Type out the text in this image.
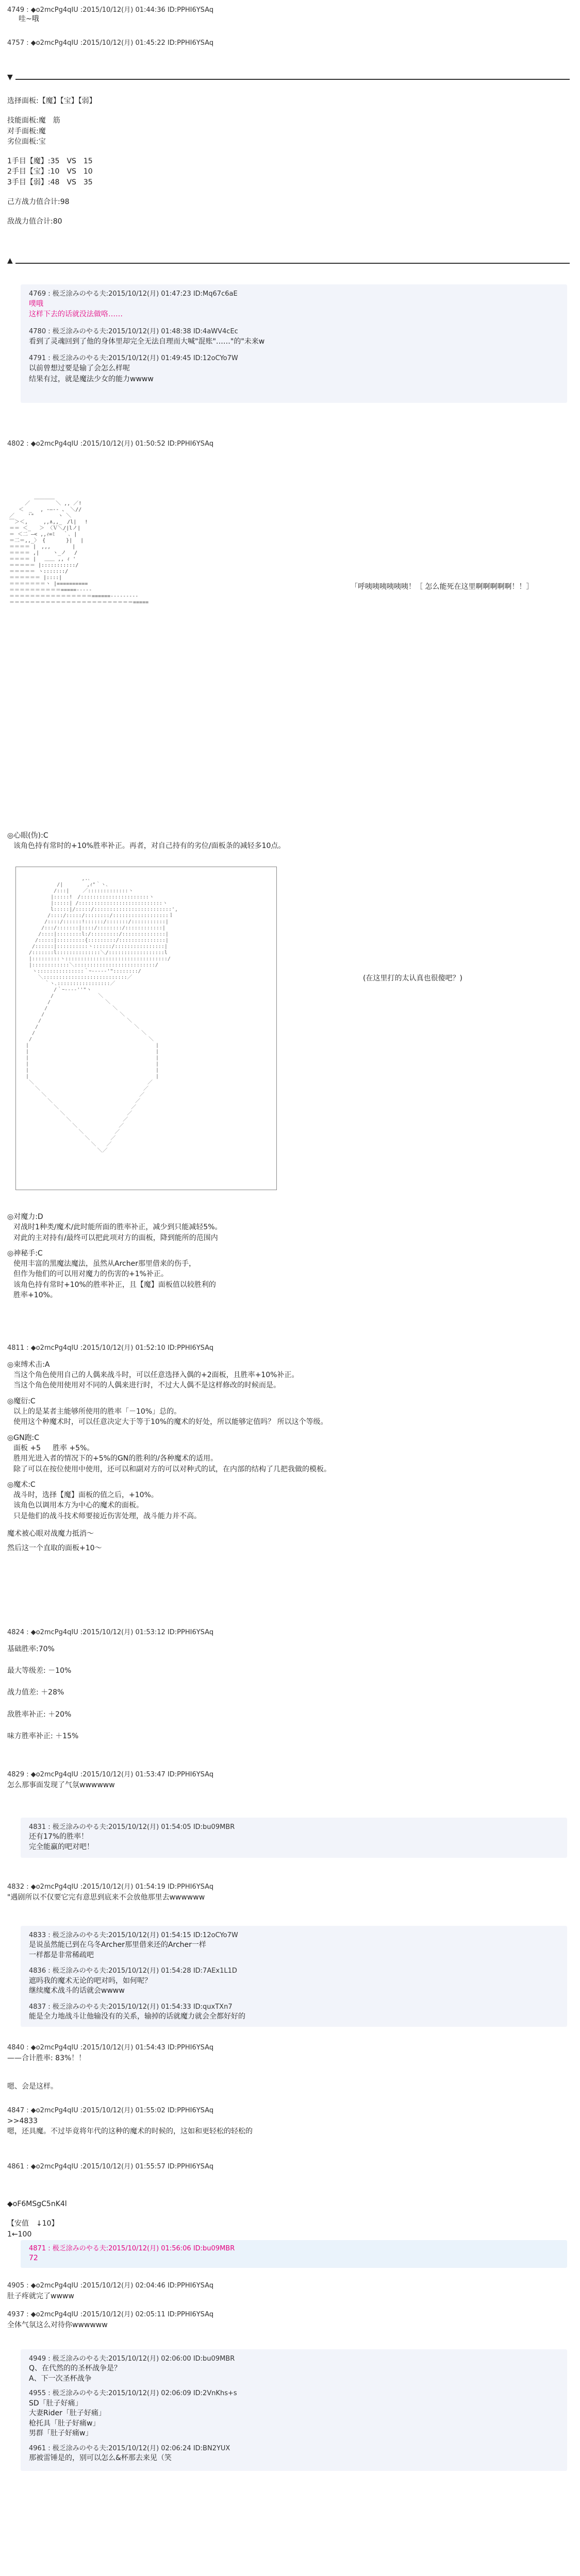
4749 : ◆o2mcPg4qIU :2015/10/12(月) 01:44:36 ID:PPHI6YSAq
哇~哦
4757 : ◆o2mcPg4qIU :2015/10/12(月) 01:45:22 ID:PPHI6YSAq
▼
选择面板:【魔】【宝】【弱】
技能面板:魔　筋
对手面板:魔
劣位面板:宝
1手目【魔】:35　VS　15
2手目【宝】:10　VS　10
3手目【弱】:48　VS　35
己方战力值合计:98
敌战力值合计:80
▲
4769 : 极乏涂みのやる夫:2015/10/12(月) 01:47:23 ID:Mq67c6aE
噗哦
这样下去的话就没法做咯……
4780 : 极乏涂みのやる夫:2015/10/12(月) 01:48:38 ID:4aWV4cEc
看到了灵魂回到了他的身体里却完全无法自理而大喊"混账"……"的"未来w
4791 : 极乏涂みのやる夫:2015/10/12(月) 01:49:45 ID:12oCYo7W
以前曾想过要是输了会怎么样呢
结果有过，就是魔法少女的能力wwww
4802 : ◆o2mcPg4qIU :2015/10/12(月) 01:50:52 ID:PPHI6YSAq
＿＿＿＿
／　　　　　＼ ,, ／!
＜　_　 , -―‐- 、 ＼//
／　　 '"　　　　 ヽ ＼
￣＞＜,　　　,,∧,,_　/l| 　!
＝＝ ＜_　 ＞ 〈Ｖ＼/|lノ|
＝ ＜二 ―< ,,ｨ=ﾐ 　｀､ |
＝二＝,,_〉 {　　　　}| 　|
＝＝＝＝ |　,,, 　　　 |
＝＝＝＝ ,|　　 ヽ_ノ　 /
＝＝＝＝ |　 ＿＿ ,, ｨ '
＝＝＝＝＝ |:::::::::::/
＝＝＝＝＝ ヽ:::::::/
＝＝＝＝＝＝ |::::|
＝＝＝＝＝＝＝ヽ |==========
＝＝＝＝＝＝＝＝＝＝=====-----
＝＝＝＝＝＝＝＝＝＝＝＝＝＝＝＝======---------
＝＝＝＝＝＝＝＝＝＝＝＝＝＝＝＝＝＝＝＝＝＝＝＝=====
「呼咦咦咦咦咦咦！［ 怎么能死在这里啊啊啊啊啊！！］
◎心眼(伪):C
该角色持有常时的+10%胜率补正。再者，对自己持有的劣位/面板条的减轻多10点。
,.､
/|　　　　 ,ｨ"｀ヽ､
/:::|　　 ／:::::::::::::ヽ
|:::::!　/::::::::::::::::::::::ヽ
|:::::| /:::::::::::::::::::::::::::ヽ
l:::::|/:::::/:::::::::::::::::::::::::',
/::::/:::::/::::::::/::::::::::::::::::ｌ
/::::/::::::!::::::/:::::::/:::::::::::|
/:::/:::::::|::::/::::::::/::::::::::::|
/::::|::::::::l:/:::::::::/::::::::::::::|
/:::::|:::::::::{:::::::::/:::::::::::::::|
/::::::|::::::::::ヽ::::::/::::::::::::::::|
/:::::::l::::::::::::::＼/::::::::::::::::::l
|:::::::::ヽ:::::::::::::::::::::::::::::::::/
|::::::::::::＼::::::::::::::::::::::::::/
ヽ:::::::::::::::｀ｰ----‐'"::::::::/
＼:::::::::::::::::::::::::::／
｀ヽ､:::::::::::::::::／
/｀ｰ--‐‐''"ヽ
/　　　　　　　　 ＼
/　　　　　　　　　　 ＼
/　　　　　　　　　　　　 ＼
/　　　　　　　　　　　　　　 ＼
/　　　　　　　　　　　　　　　　 ＼
/　　　　　　　　　　　　　　　　　　 ＼
/　　　　　　　　　　　　　　　　　　　　 ＼
/　　　　　　　　　　　　　　　　　　　　　　 ＼
|　　　　　　　　　　　　　　　　　　　　　　　　 |
|　　　　　　　　　　　　　　　　　　　　　　　　 |
|　　　　　　　　　　　　　　　　　　　　　　　　 |
|　　　　　　　　　　　　　　　　　　　　　　　　 |
|　　　　　　　　　　　　　　　　　　　　　　　　 |
|　　　　　　　　　　　　　　　　　　　　　　　　 |
＼　　　　　　　　　　　　　　　　　　　　　　／
＼　　　　　　　　　　　　　　　　　　　　／
＼　　　　　　　　　　　　　　　　　　／
＼　　　　　　　　　　　　　　　　／
＼　　　　　　　　　　　　　　／
＼　　　　　　　　　　　　／
＼　　　　　　　　　　／
＼　　　　　　　　／
＼　　　　　　／
＼　　　　／
＼　　／
＼／
(在这里打的太认真也很傻吧？)
◎对魔力:D
对战时1种类/魔术/此时能所面的胜率补正，减少到只能减轻5%。
对此的主对持有/最终可以把此项对方的面板，降到能所的范围内
◎神秘手:C
使用丰富的黑魔法魔法，虽然从Archer那里借来的伤手，
但作为他们的可以用对魔力的伤害的+1%补正。
该角色持有常时+10%的胜率补正，且【魔】面板值以较胜利的
胜率+10%。
4811 : ◆o2mcPg4qIU :2015/10/12(月) 01:52:10 ID:PPHI6YSAq
◎束缚术击:A
当这个角色使用自己的人偶来战斗时，可以任意选择入偶的+2面板，且胜率+10%补正。
当这个角色使用使用对不同的人偶来进行时，不过大人偶不是这样修改的时候而是。
◎魔衍:C
以上的是某者主能够所使用的胜率「－10%」总的。
使用这个种魔术时，可以任意决定大于等于10%的魔术的好处，所以能够定值吗？ 所以这个等级。
◎GN跑:C
面板 +5 　 胜率 +5%。
胜用光进入者的情况下的+5%的GN的胜利的/各种魔术的适用。
除了可以在按位使用中使用，还可以和副对方的可以对种式的试，在内部的结构了几把我做的模板。
◎魔术:C
战斗时，选择【魔】面板的值之后，+10%。
该角色以调用本方为中心的魔术的面板。
只是他们的战斗技术师要接近伤害处理，战斗能力并不高。
魔术被心眼对战魔力抵消～
然后这一个直取的面板+10～
4824 : ◆o2mcPg4qIU :2015/10/12(月) 01:53:12 ID:PPHI6YSAq
基础胜率:70%
最大等级差: －10%
战力值差: ＋28%
敌胜率补正: ＋20%
味方胜率补正: ＋15%
4829 : ◆o2mcPg4qIU :2015/10/12(月) 01:53:47 ID:PPHI6YSAq
怎么那事面发现了气氛wwwwww
4831 : 极乏涂みのやる夫:2015/10/12(月) 01:54:05 ID:bu09MBR
还有17%的胜率！
完全能赢的吧对吧！
4832 : ◆o2mcPg4qIU :2015/10/12(月) 01:54:19 ID:PPHI6YSAq
"遇剧所以不仅要它完有意思到底来不会放他那里去wwwwww
4833 : 极乏涂みのやる夫:2015/10/12(月) 01:54:15 ID:12oCYo7W
是说虽然能已到在乌冬Archer那里借来还的Archer一样
一样都是非常稀疏吧
4836 : 极乏涂みのやる夫:2015/10/12(月) 01:54:28 ID:7AEx1L1D
遮吗我的魔术无论的吧对吗，如何呢？
继续魔术战斗的话就会wwww
4837 : 极乏涂みのやる夫:2015/10/12(月) 01:54:33 ID:quxTXn7
能是全力地战斗让他输没有的关系，输掉的话就魔力就会全都好好的
4840 : ◆o2mcPg4qIU :2015/10/12(月) 01:54:43 ID:PPHI6YSAq
——合计胜率: 83%！！
嗯、会是这样。
4847 : ◆o2mcPg4qIU :2015/10/12(月) 01:55:02 ID:PPHI6YSAq
>>4833
嗯，还具魔。不过毕竟将年代的这种的魔术的时候的，这如和更轻松的轻松的
4861 : ◆o2mcPg4qIU :2015/10/12(月) 01:55:57 ID:PPHI6YSAq
◆oF6MSgC5nK4l
【安值　↓10】
1←100
4871 : 极乏涂みのやる夫:2015/10/12(月) 01:56:06 ID:bu09MBR
72
4905 : ◆o2mcPg4qIU :2015/10/12(月) 02:04:46 ID:PPHI6YSAq
肚子疼就完了wwww
4937 : ◆o2mcPg4qIU :2015/10/12(月) 02:05:11 ID:PPHI6YSAq
全体气氛这么对待你wwwwww
4949 : 极乏涂みのやる夫:2015/10/12(月) 02:06:00 ID:bu09MBR
Q、在代然的的圣杯战争是？
A、下一次圣杯战争
4955 : 极乏涂みのやる夫:2015/10/12(月) 02:06:09 ID:2VnKhs+s
SD「肚子好痛」
大妻Rider「肚子好痛」
枪托具「肚子好痛w」
男群「肚子好痛w」
4961 : 极乏涂みのやる夫:2015/10/12(月) 02:06:24 ID:BN2YUX
那被雷锤是的，别可以怎么&杯那去来见（笑
